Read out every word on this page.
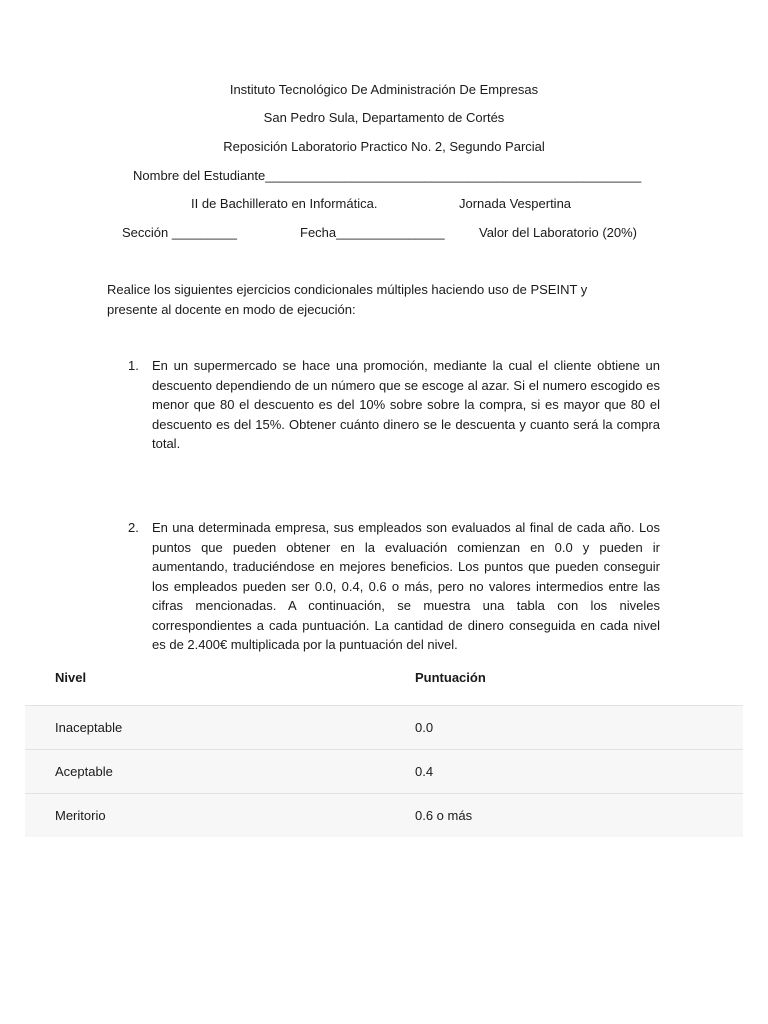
Instituto Tecnológico De Administración De Empresas
San Pedro Sula, Departamento de Cortés
Reposición Laboratorio Practico No. 2, Segundo Parcial
Nombre del Estudiante____________________________________________________
II de Bachillerato en Informática.	Jornada Vespertina
Sección _________	Fecha_______________	Valor del Laboratorio (20%)
Realice los siguientes ejercicios condicionales múltiples haciendo uso de PSEINT y presente al docente en modo de ejecución:
1.	En un supermercado se hace una promoción, mediante la cual el cliente obtiene un descuento dependiendo de un número que se escoge al azar. Si el numero escogido es menor que 80 el descuento es del 10% sobre sobre la compra, si es mayor que 80 el descuento es del 15%. Obtener cuánto dinero se le descuenta y cuanto será la compra total.
2.	En una determinada empresa, sus empleados son evaluados al final de cada año. Los puntos que pueden obtener en la evaluación comienzan en 0.0 y pueden ir aumentando, traduciéndose en mejores beneficios. Los puntos que pueden conseguir los empleados pueden ser 0.0, 0.4, 0.6 o más, pero no valores intermedios entre las cifras mencionadas. A continuación, se muestra una tabla con los niveles correspondientes a cada puntuación. La cantidad de dinero conseguida en cada nivel es de 2.400€ multiplicada por la puntuación del nivel.
Nivel	Puntuación
Inaceptable	0.0
Aceptable	0.4
Meritorio	0.6 o más
